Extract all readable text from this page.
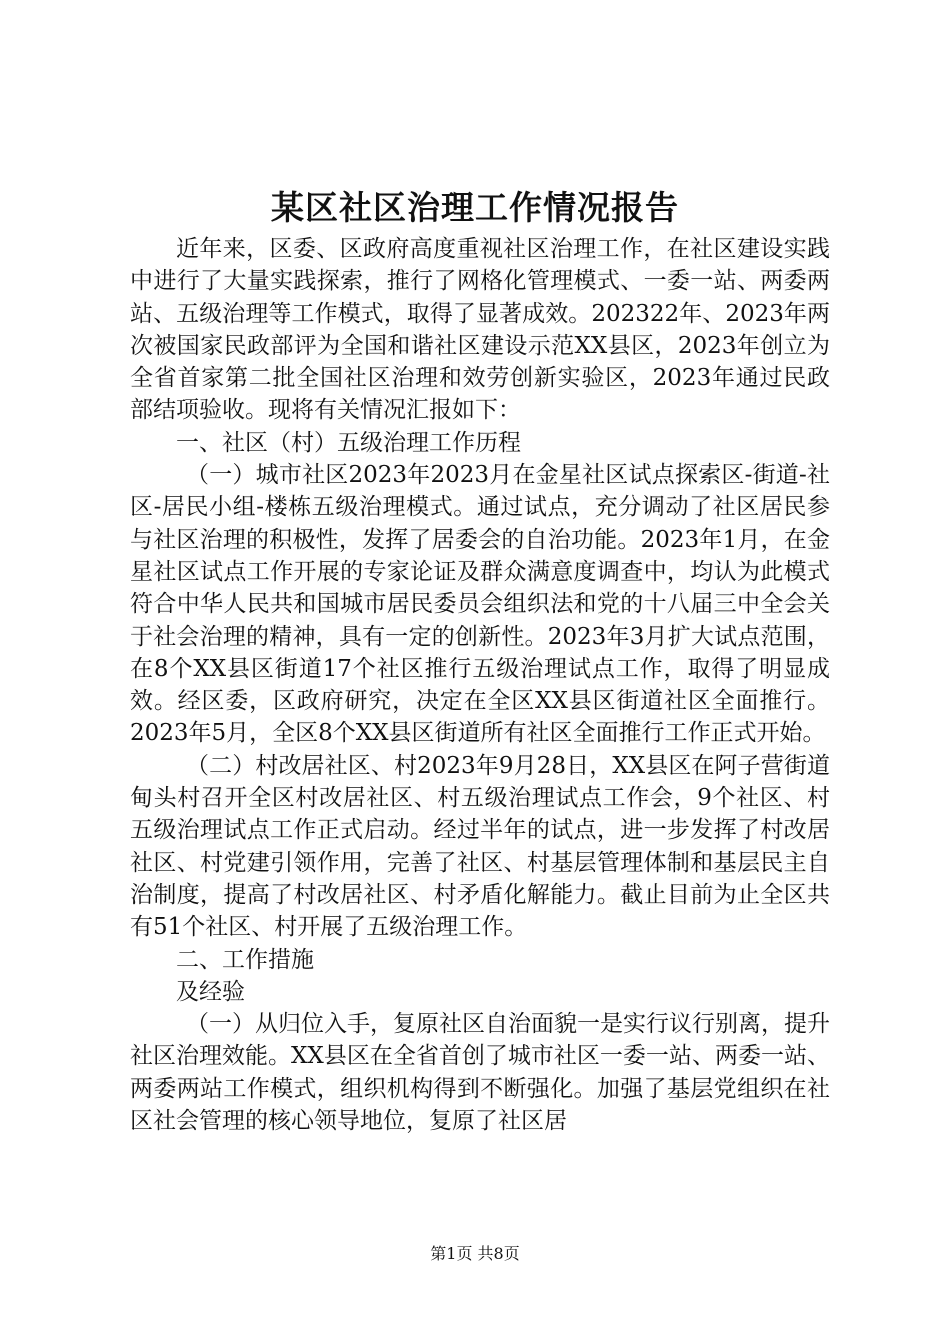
某区社区治理工作情况报告

近年来，区委、区政府高度重视社区治理工作，在社区建设实践中进行了大量实践探索，推行了网格化管理模式、一委一站、两委两站、五级治理等工作模式，取得了显著成效。202322年、2023年两次被国家民政部评为全国和谐社区建设示范XX县区，2023年创立为全省首家第二批全国社区治理和效劳创新实验区，2023年通过民政部结项验收。现将有关情况汇报如下：

一、社区（村）五级治理工作历程

（一）城市社区2023年2023月在金星社区试点探索区-街道-社区-居民小组-楼栋五级治理模式。通过试点，充分调动了社区居民参与社区治理的积极性，发挥了居委会的自治功能。2023年1月，在金星社区试点工作开展的专家论证及群众满意度调查中，均认为此模式符合中华人民共和国城市居民委员会组织法和党的十八届三中全会关于社会治理的精神，具有一定的创新性。2023年3月扩大试点范围，在8个XX县区街道17个社区推行五级治理试点工作，取得了明显成效。经区委，区政府研究，决定在全区XX县区街道社区全面推行。2023年5月，全区8个XX县区街道所有社区全面推行工作正式开始。

（二）村改居社区、村2023年9月28日，XX县区在阿子营街道甸头村召开全区村改居社区、村五级治理试点工作会，9个社区、村五级治理试点工作正式启动。经过半年的试点，进一步发挥了村改居社区、村党建引领作用，完善了社区、村基层管理体制和基层民主自治制度，提高了村改居社区、村矛盾化解能力。截止目前为止全区共有51个社区、村开展了五级治理工作。

二、工作措施

及经验

（一）从归位入手，复原社区自治面貌一是实行议行别离，提升社区治理效能。XX县区在全省首创了城市社区一委一站、两委一站、两委两站工作模式，组织机构得到不断强化。加强了基层党组织在社区社会管理的核心领导地位，复原了社区居

第1页 共8页
